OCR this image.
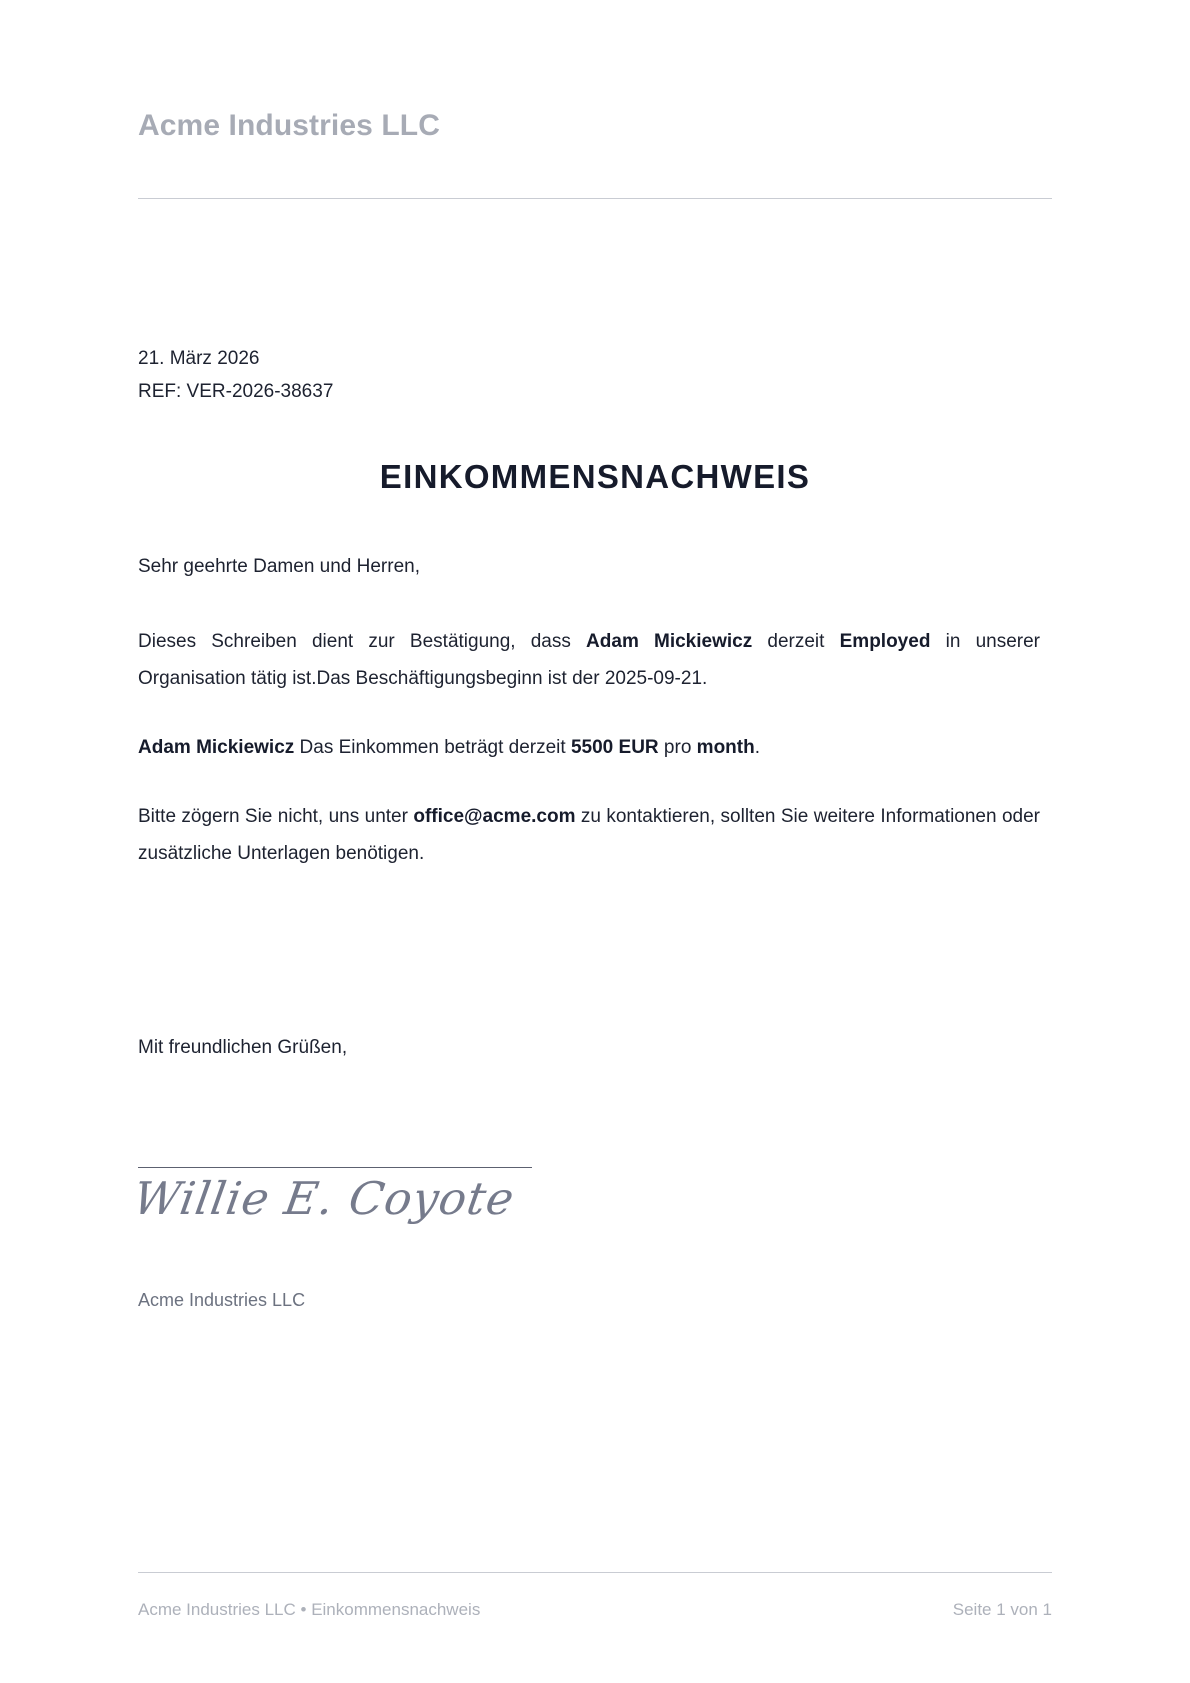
Acme Industries LLC
21. März 2026
REF: VER-2026-38637
EINKOMMENSNACHWEIS

Sehr geehrte Damen und Herren,

Dieses Schreiben dient zur Bestätigung, dass Adam Mickiewicz derzeit Employed in unserer Organisation tätig ist.Das Beschäftigungsbeginn ist der 2025-09-21.

Adam Mickiewicz Das Einkommen beträgt derzeit 5500 EUR pro month.

Bitte zögern Sie nicht, uns unter office@acme.com zu kontaktieren, sollten Sie weitere Informationen oder zusätzliche Unterlagen benötigen.

Mit freundlichen Grüßen,
Willie E. Coyote
Acme Industries LLC
Acme Industries LLC • Einkommensnachweis	Seite 1 von 1
